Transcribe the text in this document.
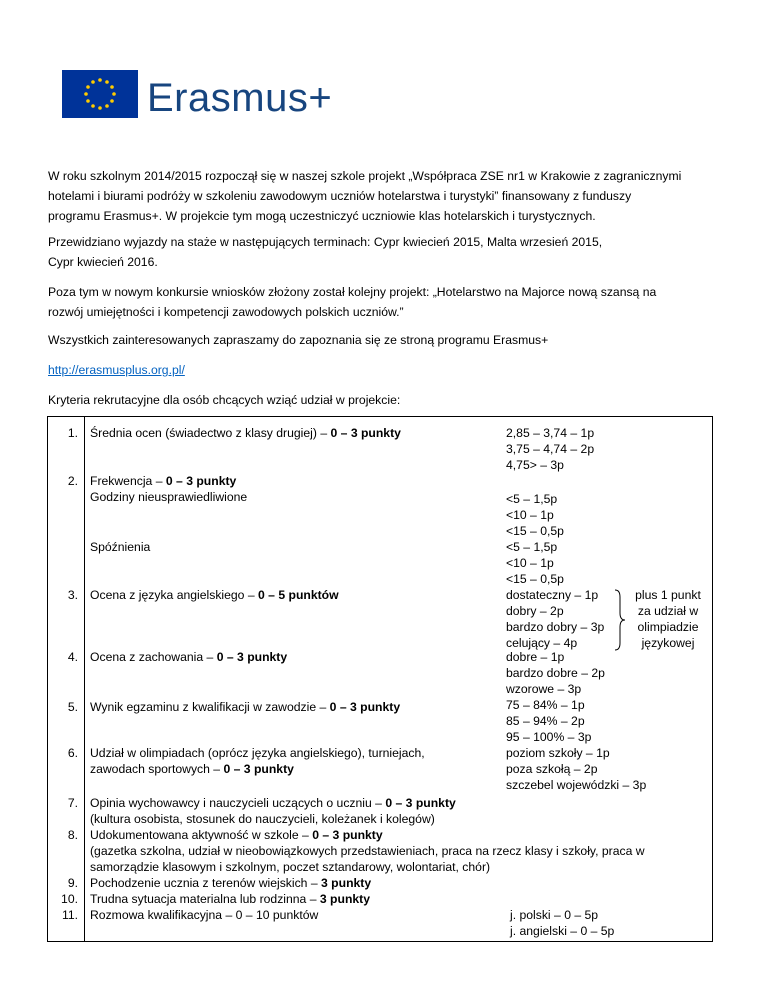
Erasmus+
W roku szkolnym 2014/2015 rozpoczął się w naszej szkole projekt „Współpraca ZSE nr1 w Krakowie z zagranicznymi
hotelami i biurami podróży w szkoleniu zawodowym uczniów hotelarstwa i turystyki” finansowany z funduszy
programu Erasmus+. W projekcie tym mogą uczestniczyć uczniowie klas hotelarskich i turystycznych.
Przewidziano wyjazdy na staże w następujących terminach: Cypr kwiecień 2015, Malta wrzesień 2015,
Cypr kwiecień 2016.
Poza tym w nowym konkursie wniosków złożony został kolejny projekt: „Hotelarstwo na Majorce nową szansą na
rozwój umiejętności i kompetencji zawodowych polskich uczniów.”
Wszystkich zainteresowanych zapraszamy do zapoznania się ze stroną programu Erasmus+
http://erasmusplus.org.pl/
Kryteria rekrutacyjne dla osób chcących wziąć udział w projekcie:
1. Średnia ocen (świadectwo z klasy drugiej) – 0 – 3 punkty	2,85 – 3,74 – 1p
3,75 – 4,74 – 2p
4,75> – 3p
2. Frekwencja – 0 – 3 punkty
Godziny nieusprawiedliwione	<5 – 1,5p
<10 – 1p
<15 – 0,5p
Spóźnienia	<5 – 1,5p
<10 – 1p
<15 – 0,5p
3. Ocena z języka angielskiego – 0 – 5 punktów	dostateczny – 1p
dobry – 2p
bardzo dobry – 3p
celujący – 4p
plus 1 punkt
za udział w
olimpiadzie
językowej
4. Ocena z zachowania – 0 – 3 punkty	dobre – 1p
bardzo dobre – 2p
wzorowe – 3p
5. Wynik egzaminu z kwalifikacji w zawodzie – 0 – 3 punkty	75 – 84% – 1p
85 – 94% – 2p
95 – 100% – 3p
6. Udział w olimpiadach (oprócz języka angielskiego), turniejach,
zawodach sportowych – 0 – 3 punkty
poziom szkoły – 1p
poza szkołą – 2p
szczebel wojewódzki – 3p
7. Opinia wychowawcy i nauczycieli uczących o uczniu – 0 – 3 punkty
(kultura osobista, stosunek do nauczycieli, koleżanek i kolegów)
8. Udokumentowana aktywność w szkole – 0 – 3 punkty
(gazetka szkolna, udział w nieobowiązkowych przedstawieniach, praca na rzecz klasy i szkoły, praca w
samorządzie klasowym i szkolnym, poczet sztandarowy, wolontariat, chór)
9. Pochodzenie ucznia z terenów wiejskich – 3 punkty
10. Trudna sytuacja materialna lub rodzinna – 3 punkty
11. Rozmowa kwalifikacyjna – 0 – 10 punktów	j. polski – 0 – 5p
j. angielski – 0 – 5p
